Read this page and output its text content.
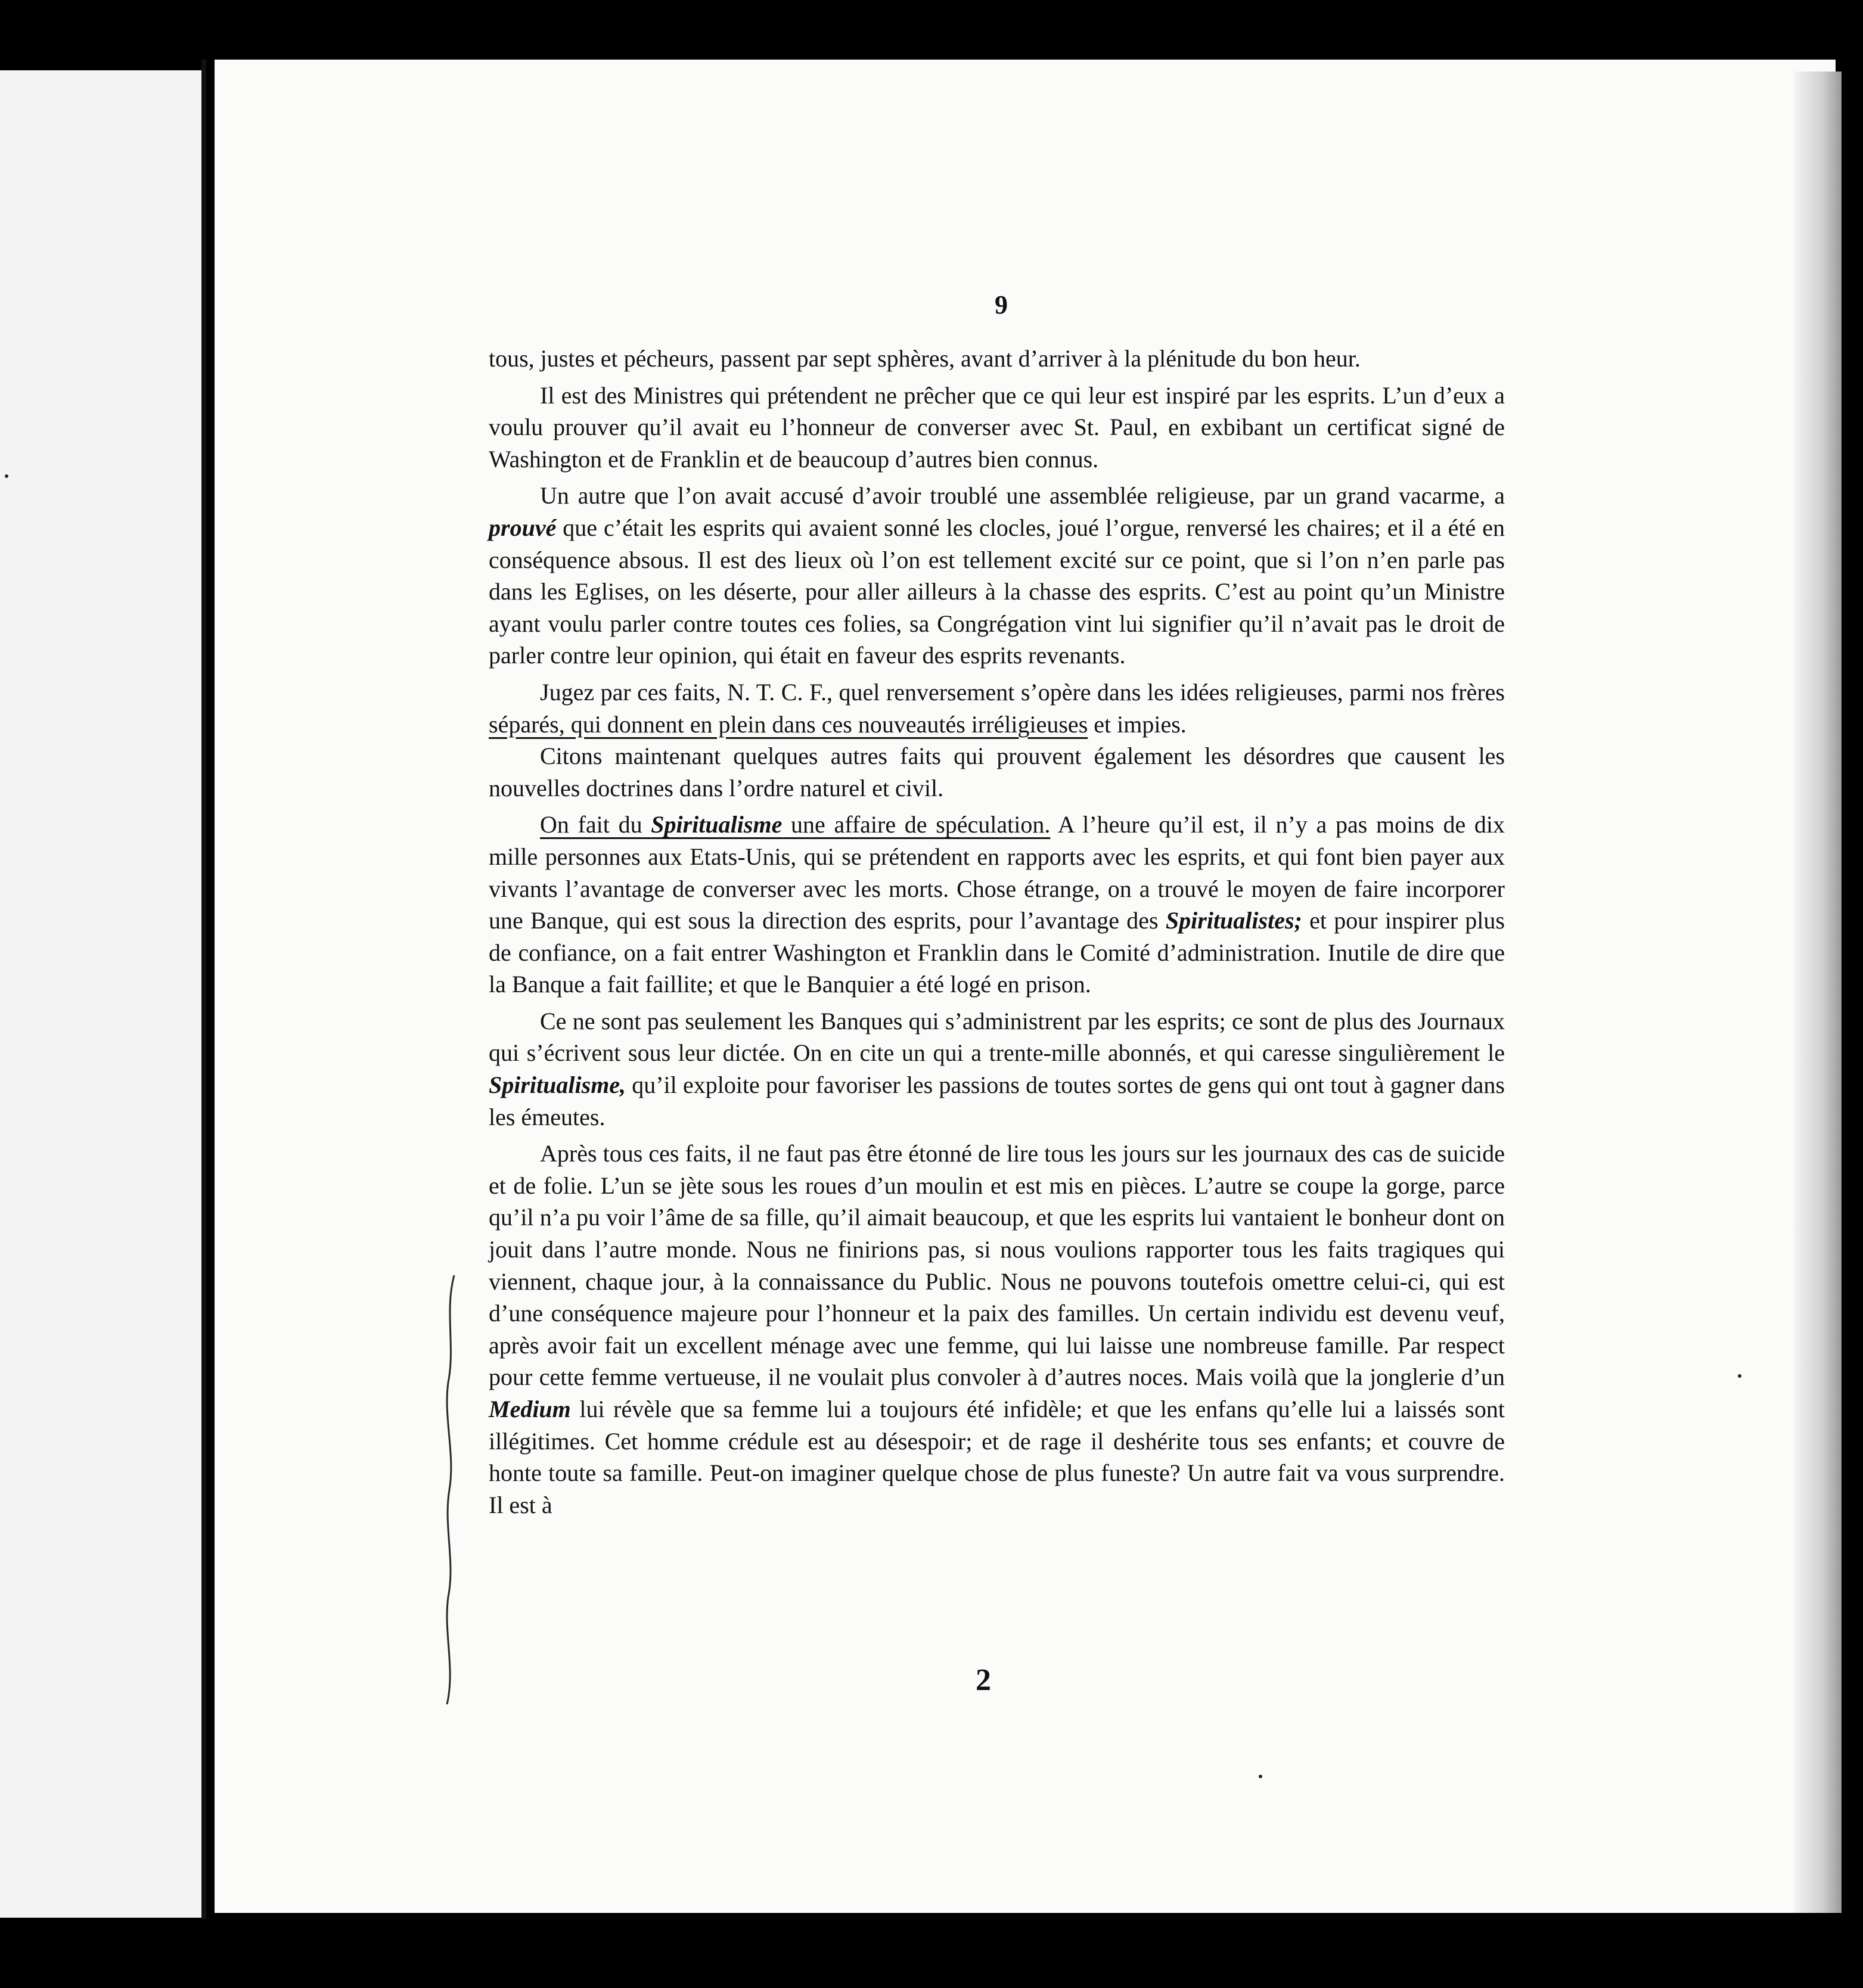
9

tous, justes et pécheurs, passent par sept sphères, avant d’arriver à la plénitude du bon heur.

Il est des Ministres qui prétendent ne prêcher que ce qui leur est inspiré par les esprits. L’un d’eux a voulu prouver qu’il avait eu l’honneur de converser avec St. Paul, en exbibant un certificat signé de Washington et de Franklin et de beaucoup d’autres bien connus.

Un autre que l’on avait accusé d’avoir troublé une assemblée religieuse, par un grand vacarme, a prouvé que c’était les esprits qui avaient sonné les clocles, joué l’orgue, renversé les chaires; et il a été en conséquence absous. Il est des lieux où l’on est tellement excité sur ce point, que si l’on n’en parle pas dans les Eglises, on les déserte, pour aller ailleurs à la chasse des esprits. C’est au point qu’un Ministre ayant voulu parler contre toutes ces folies, sa Congrégation vint lui signifier qu’il n’avait pas le droit de parler contre leur opinion, qui était en faveur des esprits revenants.

Jugez par ces faits, N. T. C. F., quel renversement s’opère dans les idées religieuses, parmi nos frères séparés, qui donnent en plein dans ces nouveautés irréligieuses et impies.

Citons maintenant quelques autres faits qui prouvent également les désordres que causent les nouvelles doctrines dans l’ordre naturel et civil.

On fait du Spiritualisme une affaire de spéculation. A l’heure qu’il est, il n’y a pas moins de dix mille personnes aux Etats-Unis, qui se prétendent en rapports avec les esprits, et qui font bien payer aux vivants l’avantage de converser avec les morts. Chose étrange, on a trouvé le moyen de faire incorporer une Banque, qui est sous la direction des esprits, pour l’avantage des Spiritualistes; et pour inspirer plus de confiance, on a fait entrer Washington et Franklin dans le Comité d’administration. Inutile de dire que la Banque a fait faillite; et que le Banquier a été logé en prison.

Ce ne sont pas seulement les Banques qui s’administrent par les esprits; ce sont de plus des Journaux qui s’écrivent sous leur dictée. On en cite un qui a trente-mille abonnés, et qui caresse singulièrement le Spiritualisme, qu’il exploite pour favoriser les passions de toutes sortes de gens qui ont tout à gagner dans les émeutes.

Après tous ces faits, il ne faut pas être étonné de lire tous les jours sur les journaux des cas de suicide et de folie. L’un se jète sous les roues d’un moulin et est mis en pièces. L’autre se coupe la gorge, parce qu’il n’a pu voir l’âme de sa fille, qu’il aimait beaucoup, et que les esprits lui vantaient le bonheur dont on jouit dans l’autre monde. Nous ne finirions pas, si nous voulions rapporter tous les faits tragiques qui viennent, chaque jour, à la connaissance du Public. Nous ne pouvons toutefois omettre celui-ci, qui est d’une conséquence majeure pour l’honneur et la paix des familles. Un certain individu est devenu veuf, après avoir fait un excellent ménage avec une femme, qui lui laisse une nombreuse famille. Par respect pour cette femme vertueuse, il ne voulait plus convoler à d’autres noces. Mais voilà que la jonglerie d’un Medium lui révèle que sa femme lui a toujours été infidèle; et que les enfans qu’elle lui a laissés sont illégitimes. Cet homme crédule est au désespoir; et de rage il deshérite tous ses enfants; et couvre de honte toute sa famille. Peut-on imaginer quelque chose de plus funeste? Un autre fait va vous surprendre. Il est à

2
